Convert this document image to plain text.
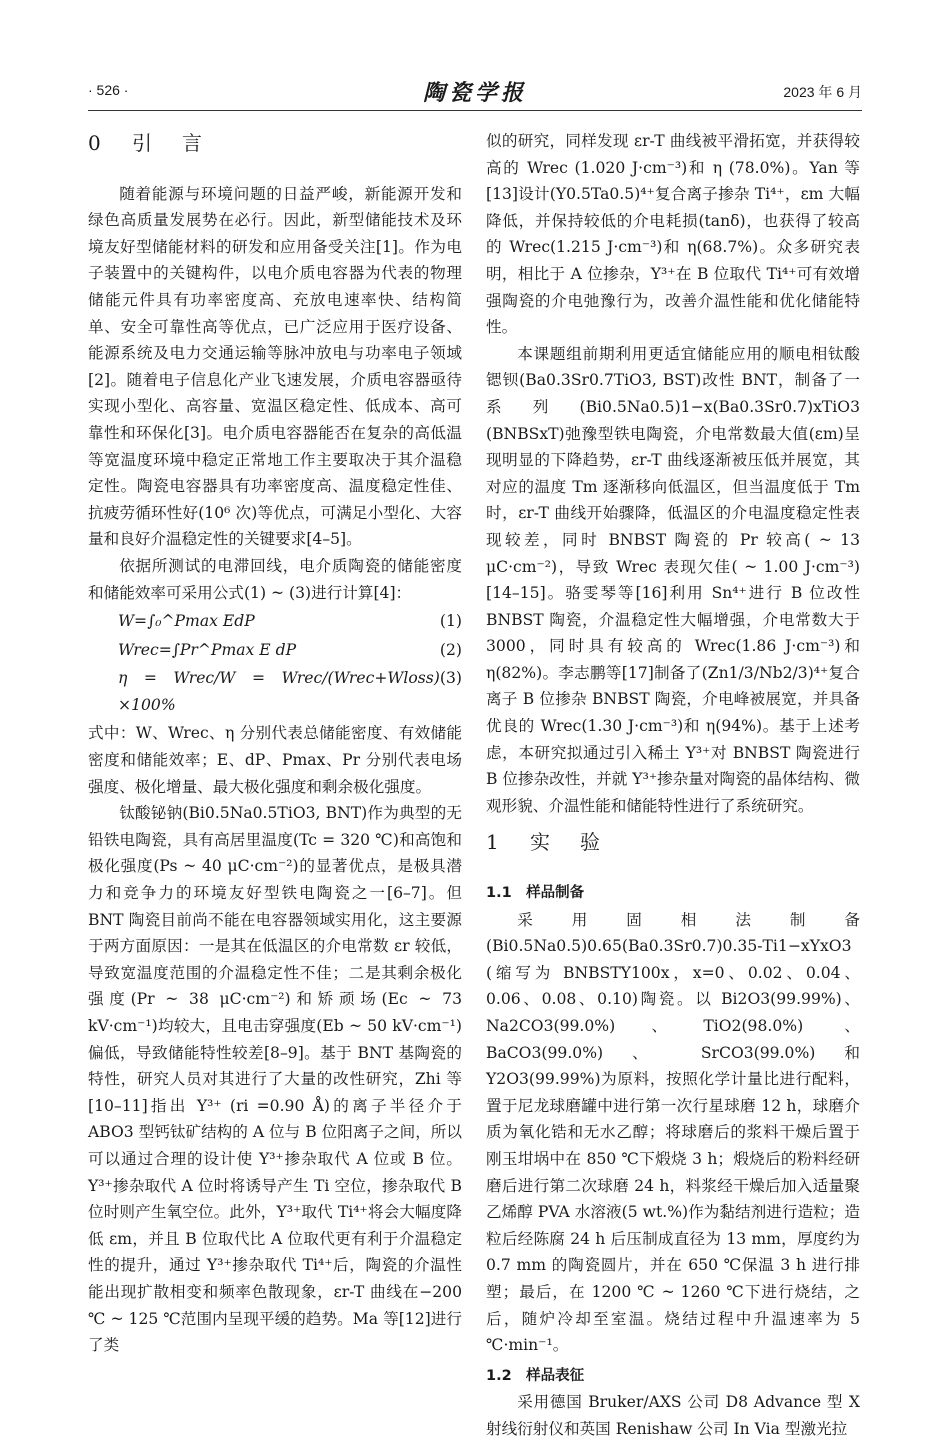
· 526 ·	陶瓷学报	2023 年 6 月
0 引 言

随着能源与环境问题的日益严峻，新能源开发和绿色高质量发展势在必行。因此，新型储能技术及环境友好型储能材料的研发和应用备受关注[1]。作为电子装置中的关键构件，以电介质电容器为代表的物理储能元件具有功率密度高、充放电速率快、结构简单、安全可靠性高等优点，已广泛应用于医疗设备、能源系统及电力交通运输等脉冲放电与功率电子领域[2]。随着电子信息化产业飞速发展，介质电容器亟待实现小型化、高容量、宽温区稳定性、低成本、高可靠性和环保化[3]。电介质电容器能否在复杂的高低温等宽温度环境中稳定正常地工作主要取决于其介温稳定性。陶瓷电容器具有功率密度高、温度稳定性佳、抗疲劳循环性好(10⁶ 次)等优点，可满足小型化、大容量和良好介温稳定性的关键要求[4–5]。

依据所测试的电滞回线，电介质陶瓷的储能密度和储能效率可采用公式(1) ~ (3)进行计算[4]：

W=∫₀^Pmax EdP	(1)
Wrec=∫Pr^Pmax E dP	(2)
η = Wrec/W = Wrec/(Wrec+Wloss) ×100%
(3)

式中：W、Wrec、η 分别代表总储能密度、有效储能密度和储能效率；E、dP、Pmax、Pr 分别代表电场强度、极化增量、最大极化强度和剩余极化强度。

钛酸铋钠(Bi0.5Na0.5TiO3, BNT)作为典型的无铅铁电陶瓷，具有高居里温度(Tc = 320 ℃)和高饱和极化强度(Ps ~ 40 μC·cm⁻²)的显著优点，是极具潜力和竞争力的环境友好型铁电陶瓷之一[6–7]。但 BNT 陶瓷目前尚不能在电容器领域实用化，这主要源于两方面原因：一是其在低温区的介电常数 εr 较低，导致宽温度范围的介温稳定性不佳；二是其剩余极化强度(Pr ~ 38 μC·cm⁻²)和矫顽场(Ec ~ 73 kV·cm⁻¹)均较大，且电击穿强度(Eb ~ 50 kV·cm⁻¹)偏低，导致储能特性较差[8–9]。基于 BNT 基陶瓷的特性，研究人员对其进行了大量的改性研究，Zhi 等[10–11]指出 Y³⁺ (ri =0.90 Å)的离子半径介于 ABO3 型钙钛矿结构的 A 位与 B 位阳离子之间，所以可以通过合理的设计使 Y³⁺掺杂取代 A 位或 B 位。Y³⁺掺杂取代 A 位时将诱导产生 Ti 空位，掺杂取代 B 位时则产生氧空位。此外，Y³⁺取代 Ti⁴⁺将会大幅度降低 εm，并且 B 位取代比 A 位取代更有利于介温稳定性的提升，通过 Y³⁺掺杂取代 Ti⁴⁺后，陶瓷的介温性能出现扩散相变和频率色散现象，εr-T 曲线在−200 ℃ ~ 125 ℃范围内呈现平缓的趋势。Ma 等[12]进行了类

似的研究，同样发现 εr-T 曲线被平滑拓宽，并获得较高的 Wrec (1.020 J·cm⁻³)和 η (78.0%)。Yan 等[13]设计(Y0.5Ta0.5)⁴⁺复合离子掺杂 Ti⁴⁺，εm 大幅降低，并保持较低的介电耗损(tanδ)，也获得了较高的 Wrec(1.215 J·cm⁻³)和 η(68.7%)。众多研究表明，相比于 A 位掺杂，Y³⁺在 B 位取代 Ti⁴⁺可有效增强陶瓷的介电弛豫行为，改善介温性能和优化储能特性。

本课题组前期利用更适宜储能应用的顺电相钛酸锶钡(Ba0.3Sr0.7TiO3, BST)改性 BNT，制备了一系列(Bi0.5Na0.5)1−x(Ba0.3Sr0.7)xTiO3 (BNBSxT)弛豫型铁电陶瓷，介电常数最大值(εm)呈现明显的下降趋势，εr-T 曲线逐渐被压低并展宽，其对应的温度 Tm 逐渐移向低温区，但当温度低于 Tm 时，εr-T 曲线开始骤降，低温区的介电温度稳定性表现较差，同时 BNBST 陶瓷的 Pr 较高( ~ 13 μC·cm⁻²)，导致 Wrec 表现欠佳( ~ 1.00 J·cm⁻³) [14–15]。骆雯琴等[16]利用 Sn⁴⁺进行 B 位改性 BNBST 陶瓷，介温稳定性大幅增强，介电常数大于 3000，同时具有较高的 Wrec(1.86 J·cm⁻³)和 η(82%)。李志鹏等[17]制备了(Zn1/3/Nb2/3)⁴⁺复合离子 B 位掺杂 BNBST 陶瓷，介电峰被展宽，并具备优良的 Wrec(1.30 J·cm⁻³)和 η(94%)。基于上述考虑，本研究拟通过引入稀土 Y³⁺对 BNBST 陶瓷进行 B 位掺杂改性，并就 Y³⁺掺杂量对陶瓷的晶体结构、微观形貌、介温性能和储能特性进行了系统研究。

1 实 验
1.1　样品制备

采用固相法制备(Bi0.5Na0.5)0.65(Ba0.3Sr0.7)0.35-Ti1−xYxO3 (缩写为 BNBSTY100x，x=0、0.02、0.04、0.06、0.08、0.10)陶瓷。以 Bi2O3(99.99%)、Na2CO3(99.0%)、TiO2(98.0%) 、 BaCO3(99.0%) 、 SrCO3(99.0%) 和 Y2O3(99.99%)为原料，按照化学计量比进行配料，置于尼龙球磨罐中进行第一次行星球磨 12 h，球磨介质为氧化锆和无水乙醇；将球磨后的浆料干燥后置于刚玉坩埚中在 850 ℃下煅烧 3 h；煅烧后的粉料经研磨后进行第二次球磨 24 h，料浆经干燥后加入适量聚乙烯醇 PVA 水溶液(5 wt.%)作为黏结剂进行造粒；造粒后经陈腐 24 h 后压制成直径为 13 mm，厚度约为 0.7 mm 的陶瓷圆片，并在 650 ℃保温 3 h 进行排塑；最后，在 1200 ℃ ~ 1260 ℃下进行烧结，之后，随炉冷却至室温。烧结过程中升温速率为 5 ℃·min⁻¹。

1.2　样品表征

采用德国 Bruker/AXS 公司 D8 Advance 型 X 射线衍射仪和英国 Renishaw 公司 In Via 型激光拉
